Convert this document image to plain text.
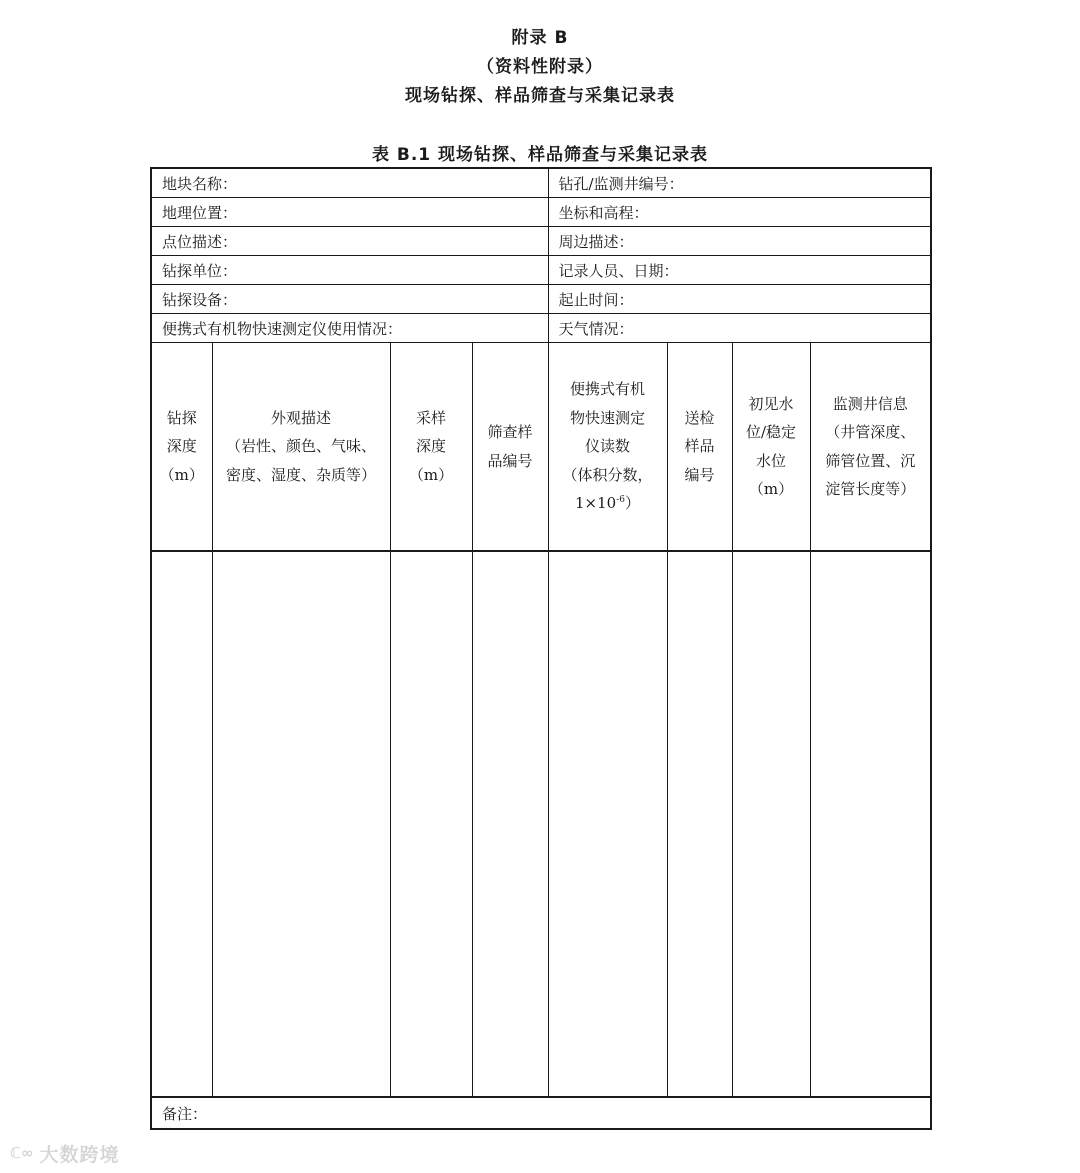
附录 B
（资料性附录）
现场钻探、样品筛查与采集记录表
表 B.1 现场钻探、样品筛查与采集记录表
地块名称：				钻孔/监测井编号：			
地理位置：				坐标和高程：			
点位描述：				周边描述：			
钻探单位：				记录人员、日期：			
钻探设备：				起止时间：			
便携式有机物快速测定仪使用情况：				天气情况：			

钻探
深度
（m）	外观描述
（岩性、颜色、气味、
密度、湿度、杂质等）	采样
深度
（m）	筛查样
品编号	便携式有机
物快速测定
仪读数
（体积分数，
$1\times 10^{-6}$）	送检
样品
编号	初见水
位/稳定
水位
（m）	监测井信息
（井管深度、
筛管位置、沉
淀管长度等）

备注：							
ℂ∞ 大数跨境
